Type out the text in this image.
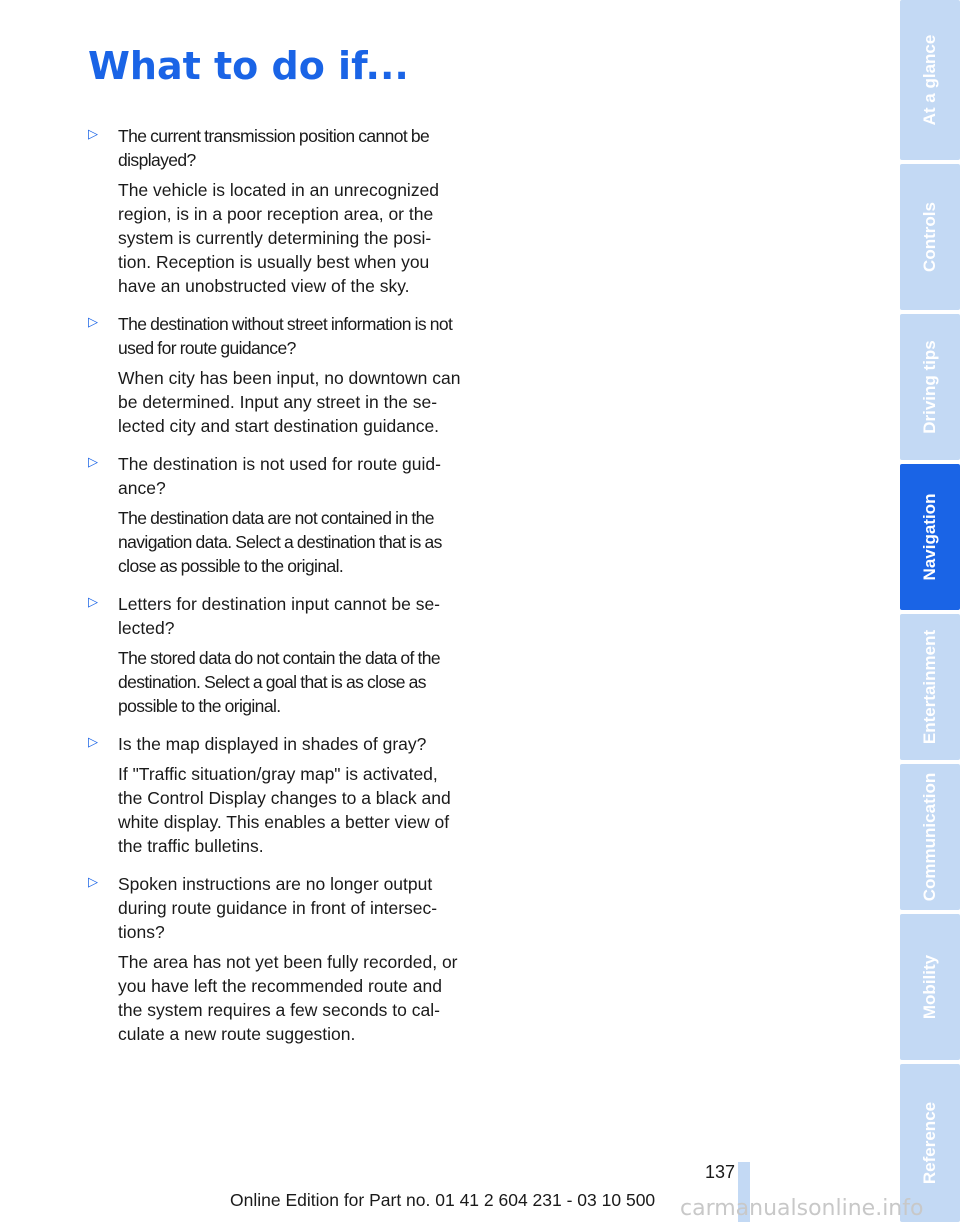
What to do if...
▷ The current transmission position cannot be displayed?

The vehicle is located in an unrecognized region, is in a poor reception area, or the system is currently determining the posi-tion. Reception is usually best when you have an unobstructed view of the sky.

▷ The destination without street information is not used for route guidance?

When city has been input, no downtown can be determined. Input any street in the se-lected city and start destination guidance.

▷ The destination is not used for route guid-ance?

The destination data are not contained in the navigation data. Select a destination that is as close as possible to the original.

▷ Letters for destination input cannot be se-lected?

The stored data do not contain the data of the destination. Select a goal that is as close as possible to the original.

▷ Is the map displayed in shades of gray?

If "Traffic situation/gray map" is activated, the Control Display changes to a black and white display. This enables a better view of the traffic bulletins.

▷ Spoken instructions are no longer output during route guidance in front of intersec-tions?

The area has not yet been fully recorded, or you have left the recommended route and the system requires a few seconds to cal-culate a new route suggestion.

At a glance
Controls
Driving tips
Navigation
Entertainment
Communication
Mobility
Reference
137
Online Edition for Part no. 01 41 2 604 231 - 03 10 500 carmanualsonline.info
